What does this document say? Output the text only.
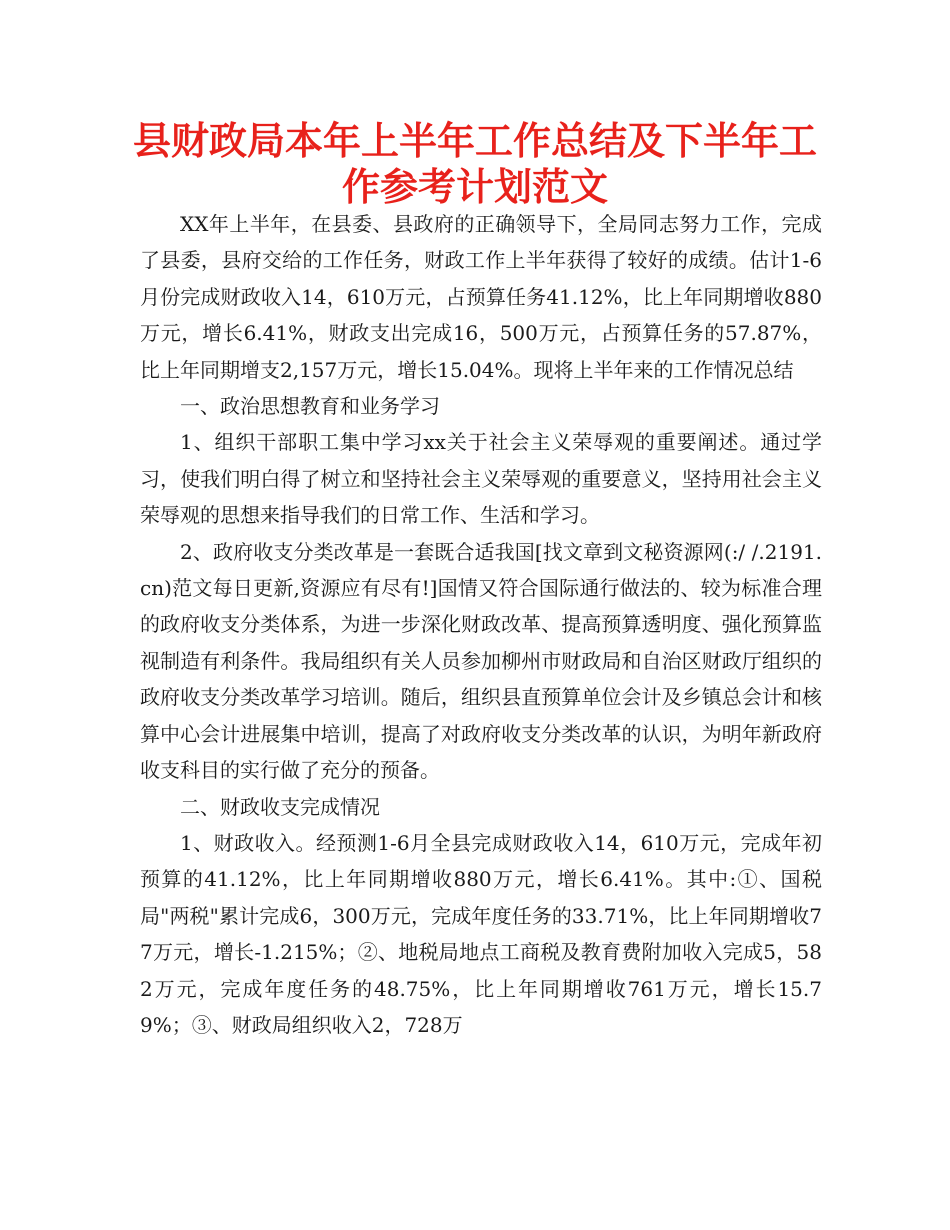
县财政局本年上半年工作总结及下半年工作参考计划范文

XX年上半年，在县委、县政府的正确领导下，全局同志努力工作，完成了县委，县府交给的工作任务，财政工作上半年获得了较好的成绩。估计1-6月份完成财政收入14，610万元，占预算任务41.12%，比上年同期增收880万元，增长6.41%，财政支出完成16，500万元，占预算任务的57.87%，比上年同期增支2,157万元，增长15.04%。现将上半年来的工作情况总结

一、政治思想教育和业务学习

1、组织干部职工集中学习xx关于社会主义荣辱观的重要阐述。通过学习，使我们明白得了树立和坚持社会主义荣辱观的重要意义，坚持用社会主义荣辱观的思想来指导我们的日常工作、生活和学习。

2、政府收支分类改革是一套既合适我国[找文章到文秘资源网(:/ /.2191.cn)范文每日更新,资源应有尽有!]国情又符合国际通行做法的、较为标准合理的政府收支分类体系，为进一步深化财政改革、提高预算透明度、强化预算监视制造有利条件。我局组织有关人员参加柳州市财政局和自治区财政厅组织的政府收支分类改革学习培训。随后，组织县直预算单位会计及乡镇总会计和核算中心会计进展集中培训，提高了对政府收支分类改革的认识，为明年新政府收支科目的实行做了充分的预备。

二、财政收支完成情况

1、财政收入。经预测1-6月全县完成财政收入14，610万元，完成年初预算的41.12%，比上年同期增收880万元，增长6.41%。其中:①、国税局"两税"累计完成6，300万元，完成年度任务的33.71%，比上年同期增收77万元，增长-1.215%；②、地税局地点工商税及教育费附加收入完成5，582万元，完成年度任务的48.75%，比上年同期增收761万元，增长15.79%；③、财政局组织收入2，728万
